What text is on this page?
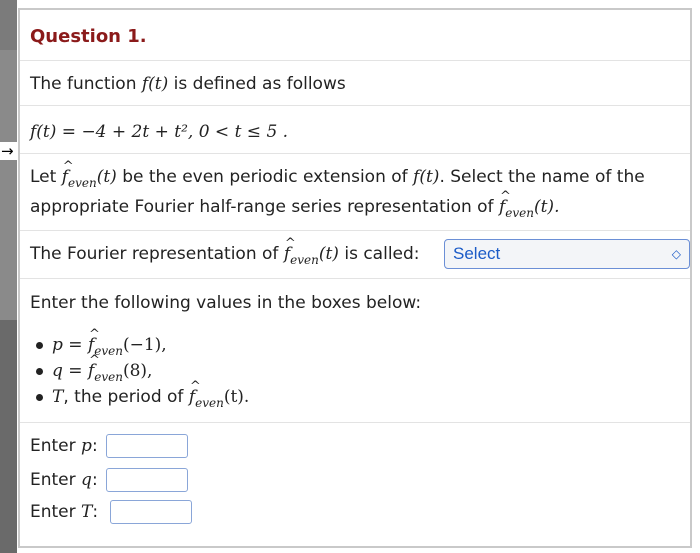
→
Question 1.
The function f(t) is defined as follows
f(t) = −4 + 2t + t², 0 < t ≤ 5 .
Let ^ $f_{even}(t)$ be the even periodic extension of f(t). Select the name of the
appropriate Fourier half-range series representation of ^ $f_{even}(t)$.
The Fourier representation of ^ $f_{even}(t)$ is called:	Select	◇
Enter the following values in the boxes below:
p = ^ $f_{even}(-1)$,
q = ^ $f_{even}(8)$,
T, the period of ^ $f_{even}(t)$.
Enter p:
Enter q:
Enter T:
